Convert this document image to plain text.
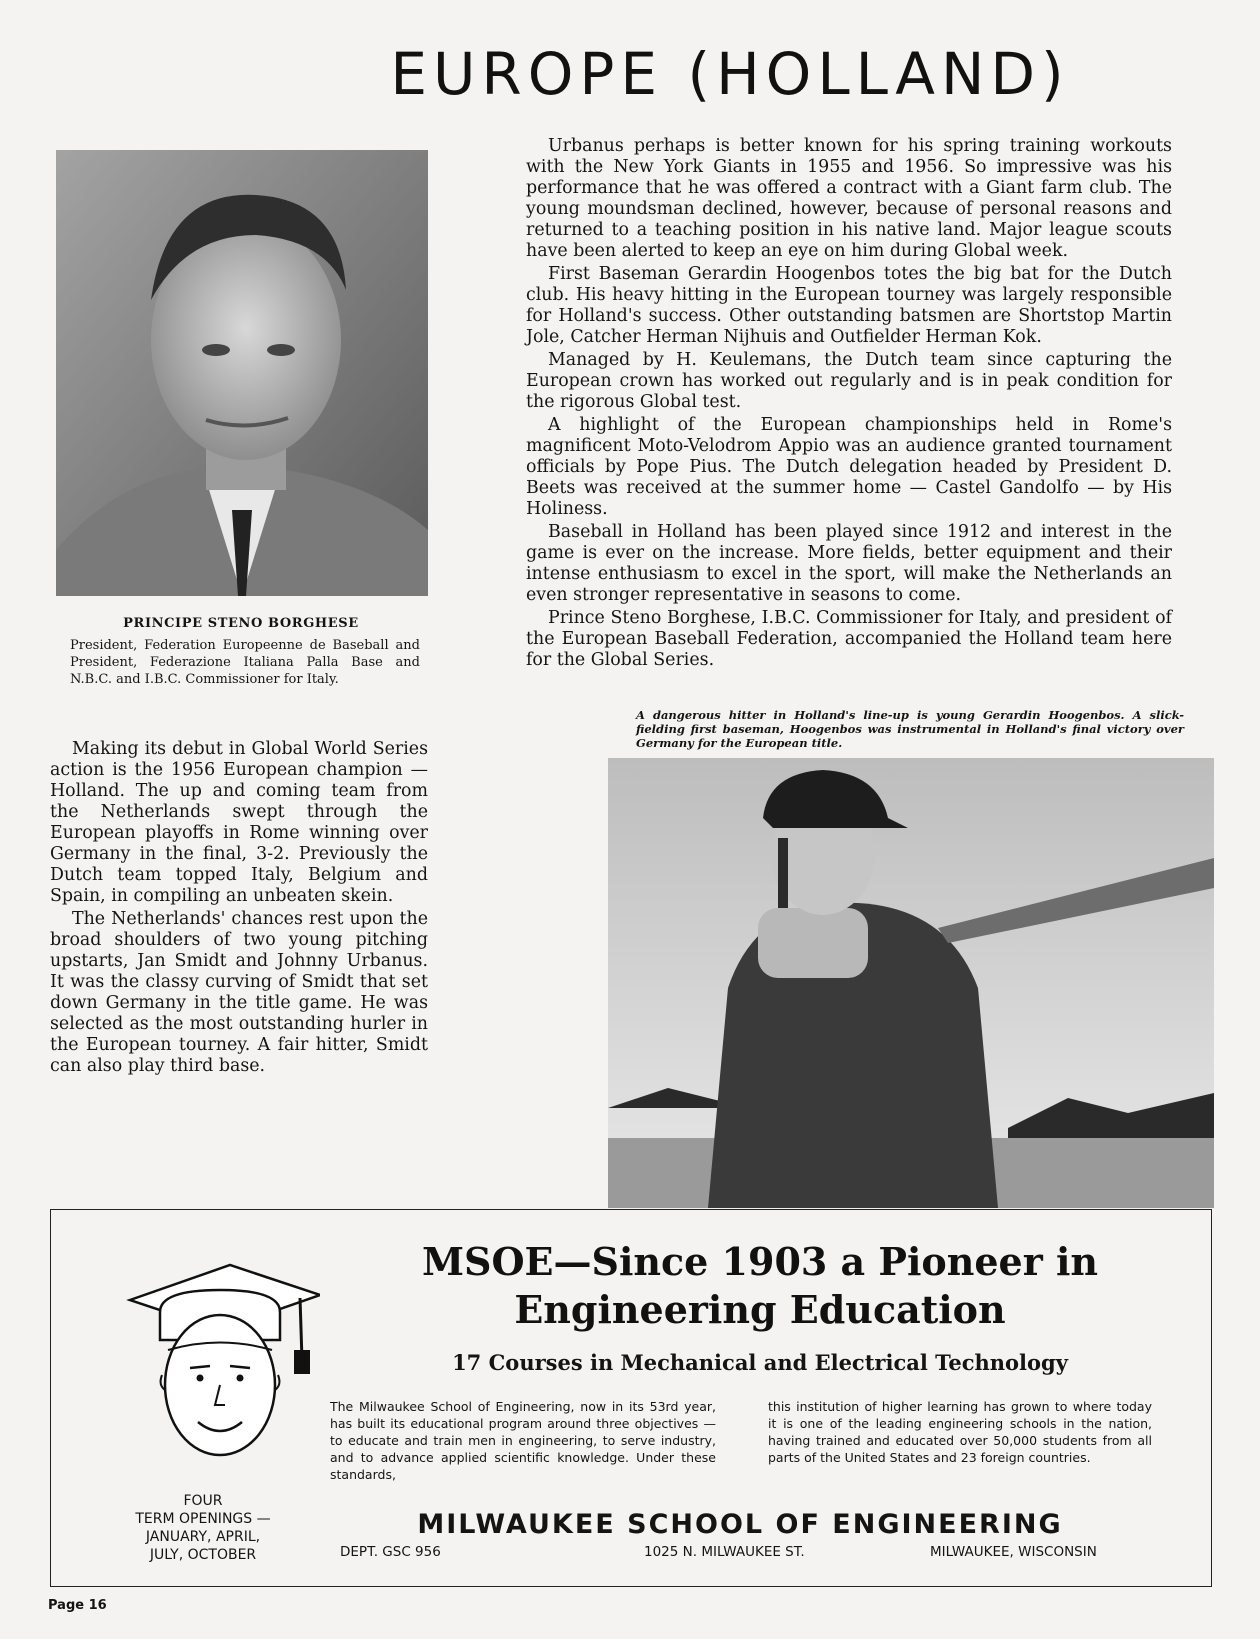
EUROPE (HOLLAND)
PRINCIPE STENO BORGHESE
President, Federation Europeenne de Baseball and President, Federazione Italiana Palla Base and N.B.C. and I.B.C. Commissioner for Italy.

Urbanus perhaps is better known for his spring training workouts with the New York Giants in 1955 and 1956. So impressive was his performance that he was offered a contract with a Giant farm club. The young moundsman declined, however, because of personal reasons and returned to a teaching position in his native land. Major league scouts have been alerted to keep an eye on him during Global week.

First Baseman Gerardin Hoogenbos totes the big bat for the Dutch club. His heavy hitting in the European tourney was largely responsible for Holland's success. Other outstanding batsmen are Shortstop Martin Jole, Catcher Herman Nijhuis and Outfielder Herman Kok.

Managed by H. Keulemans, the Dutch team since capturing the European crown has worked out regularly and is in peak condition for the rigorous Global test.

A highlight of the European championships held in Rome's magnificent Moto-Velodrom Appio was an audience granted tournament officials by Pope Pius. The Dutch delegation headed by President D. Beets was received at the summer home — Castel Gandolfo — by His Holiness.

Baseball in Holland has been played since 1912 and interest in the game is ever on the increase. More fields, better equipment and their intense enthusiasm to excel in the sport, will make the Netherlands an even stronger representative in seasons to come.

Prince Steno Borghese, I.B.C. Commissioner for Italy, and president of the European Baseball Federation, accompanied the Holland team here for the Global Series.

Making its debut in Global World Series action is the 1956 European champion — Holland. The up and coming team from the Netherlands swept through the European playoffs in Rome winning over Germany in the final, 3-2. Previously the Dutch team topped Italy, Belgium and Spain, in compiling an unbeaten skein.

The Netherlands' chances rest upon the broad shoulders of two young pitching upstarts, Jan Smidt and Johnny Urbanus. It was the classy curving of Smidt that set down Germany in the title game. He was selected as the most outstanding hurler in the European tourney. A fair hitter, Smidt can also play third base.

A dangerous hitter in Holland's line-up is young Gerardin Hoogenbos. A slick-fielding first baseman, Hoogenbos was instrumental in Holland's final victory over Germany for the European title.
MSOE—Since 1903 a Pioneer in
Engineering Education
17 Courses in Mechanical and Electrical Technology
The Milwaukee School of Engineering, now in its 53rd year, has built its educational program around three objectives — to educate and train men in engineering, to serve industry, and to advance applied scientific knowledge. Under these standards,
this institution of higher learning has grown to where today it is one of the leading engineering schools in the nation, having trained and educated over 50,000 students from all parts of the United States and 23 foreign countries.
FOUR
TERM OPENINGS —
JANUARY, APRIL,
JULY, OCTOBER
MILWAUKEE SCHOOL OF ENGINEERING
DEPT. GSC 956	1025 N. MILWAUKEE ST.	MILWAUKEE, WISCONSIN
Page 16
